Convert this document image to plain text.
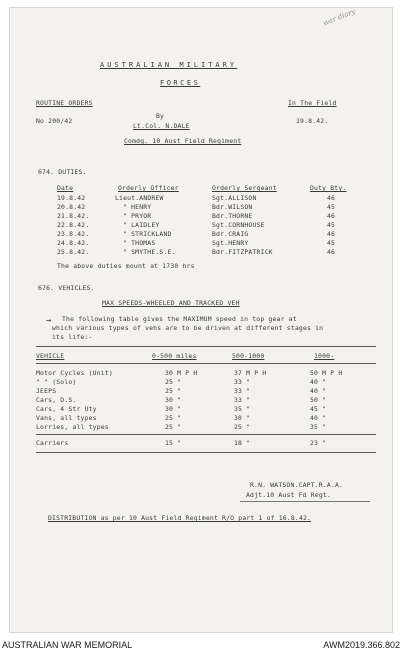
war diary
AUSTRALIAN MILITARY
FORCES
ROUTINE ORDERS	In The Field
No 200/42
By
Lt.Col. N.DALE
19.8.42.
Comdg. 10 Aust Field Regiment
674. DUTIES.
Date	Orderly Officer	Orderly Sergeant	Duty Bty.
19.8.42	Lieut.ANDREW	Sgt.ALLISON	46
20.8.42	" HENRY	Bdr.WILSON	45
21.8.42.	" PRYOR	Bdr.THORNE	46
22.8.42.	" LAIDLEY	Sgt.CORNHOUSE	45
23.8.42.	" STRICKLAND	Bdr.CRAIG	46
24.8.42.	" THOMAS	Sgt.HENRY	45
25.8.42.	" SMYTHE.S.E.	Bdr.FITZPATRICK	46
The above duties mount at 1730 hrs
676. VEHICLES.
MAX SPEEDS-WHEELED AND TRACKED VEH
→ The following table gives the MAXIMUM speed in top gear at
which various types of vehs are to be driven at different stages in
its life:-
VEHICLE	0-500 miles	500-1000	1000-
Motor Cycles (Unit)	30 M P H	37 M P H	50 M P H
" " (Solo)	25 "	33 "	40 "
JEEPS	25 "	33 "	40 "
Cars, D.S.	30 "	33 "	50 "
Cars, 4 Str Uty	30 "	35 "	45 "
Vans, all types	25 "	30 "	40 "
Lorries, all types	25 "	25 "	35 "
Carriers	15 "	18 "	23 "
R.N. WATSON.CAPT.R.A.A.
Adjt.10 Aust Fd Regt.
DISTRIBUTION as per 10 Aust Field Regiment R/O part 1 of 16.8.42.
AUSTRALIAN WAR MEMORIAL	AWM2019.366.802
